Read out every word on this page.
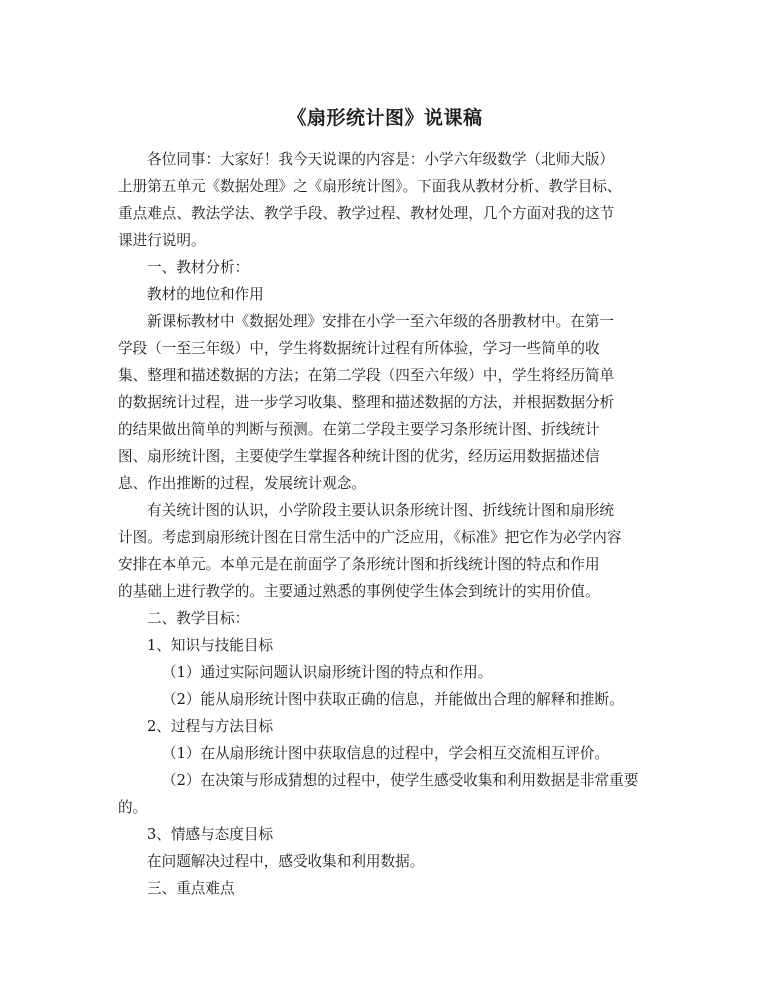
《扇形统计图》说课稿
各位同事：大家好！我今天说课的内容是：小学六年级数学（北师大版）
上册第五单元《数据处理》之《扇形统计图》。下面我从教材分析、教学目标、
重点难点、教法学法、教学手段、教学过程、教材处理，几个方面对我的这节
课进行说明。
一、教材分析：
教材的地位和作用
新课标教材中《数据处理》安排在小学一至六年级的各册教材中。在第一
学段（一至三年级）中，学生将数据统计过程有所体验，学习一些简单的收
集、整理和描述数据的方法；在第二学段（四至六年级）中，学生将经历简单
的数据统计过程，进一步学习收集、整理和描述数据的方法，并根据数据分析
的结果做出简单的判断与预测。在第二学段主要学习条形统计图、折线统计
图、扇形统计图，主要使学生掌握各种统计图的优劣，经历运用数据描述信
息、作出推断的过程，发展统计观念。
有关统计图的认识，小学阶段主要认识条形统计图、折线统计图和扇形统
计图。考虑到扇形统计图在日常生活中的广泛应用，《标准》把它作为必学内容
安排在本单元。本单元是在前面学了条形统计图和折线统计图的特点和作用
的基础上进行教学的。主要通过熟悉的事例使学生体会到统计的实用价值。
二、教学目标：
1、知识与技能目标
（1）通过实际问题认识扇形统计图的特点和作用。
（2）能从扇形统计图中获取正确的信息，并能做出合理的解释和推断。
2、过程与方法目标
（1）在从扇形统计图中获取信息的过程中，学会相互交流相互评价。
（2）在决策与形成猜想的过程中，使学生感受收集和利用数据是非常重要
的。
3、情感与态度目标
在问题解决过程中，感受收集和利用数据。
三、重点难点
